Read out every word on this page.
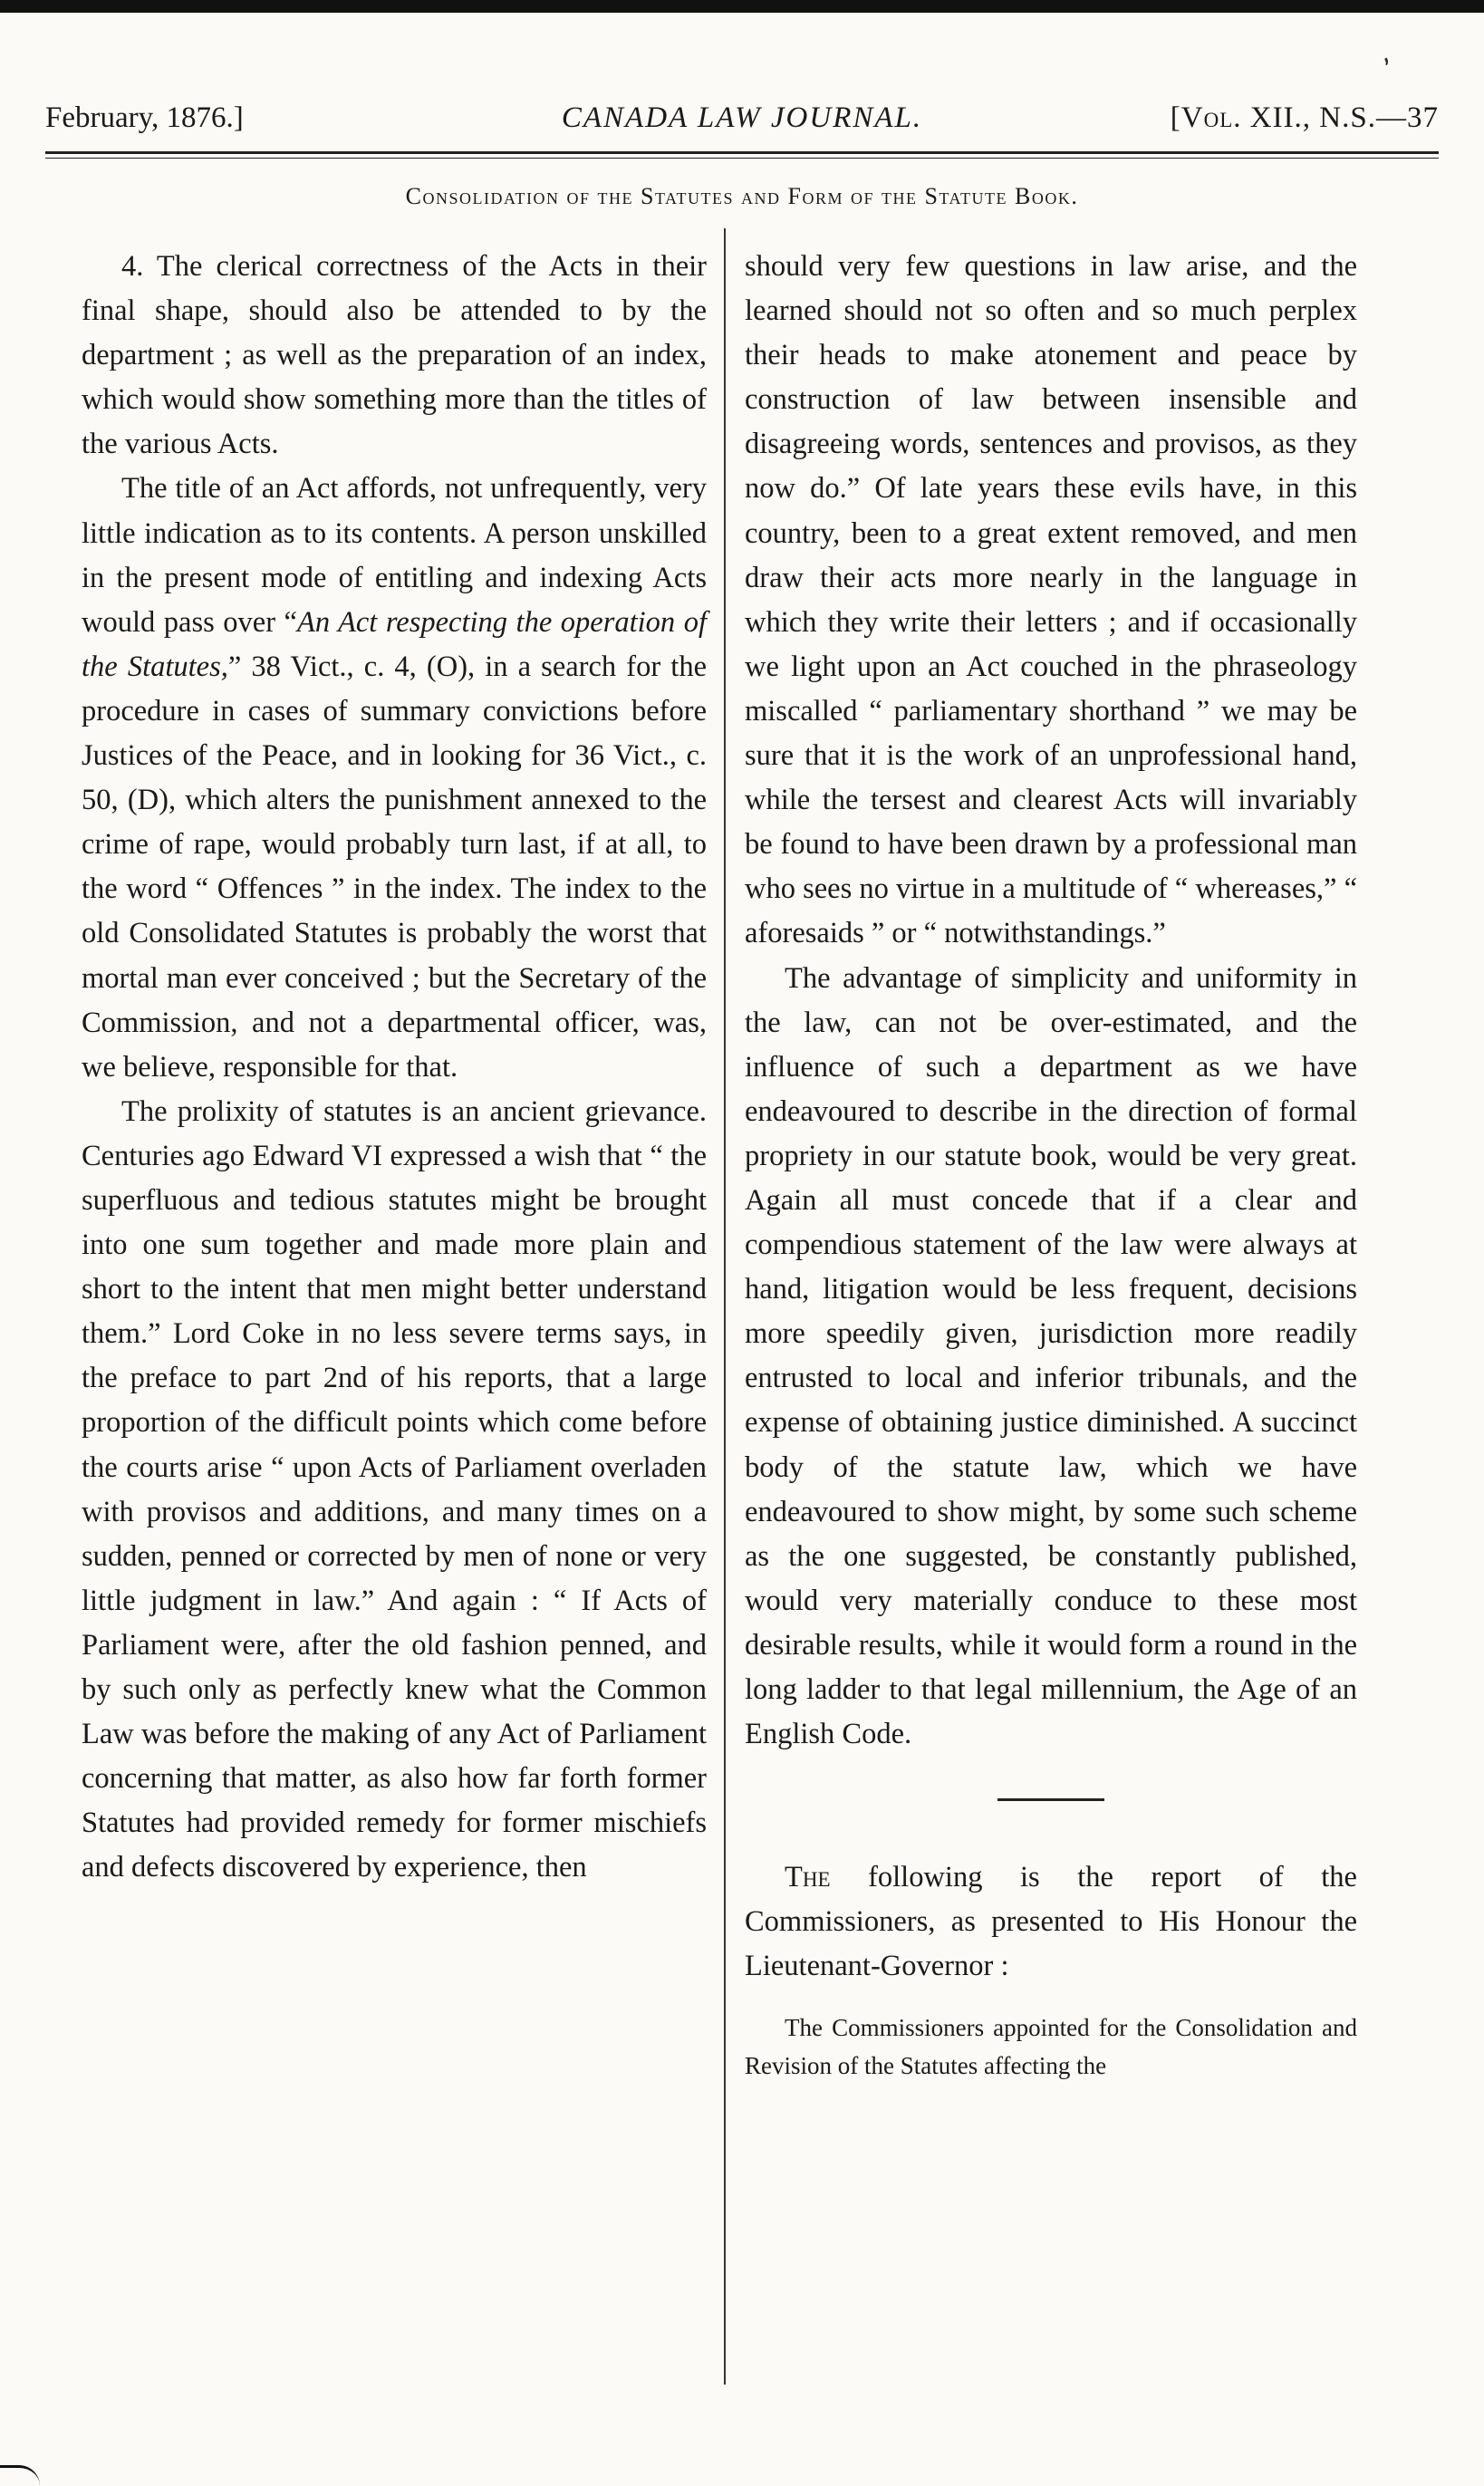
’
February, 1876.]	CANADA LAW JOURNAL.	[Vol. XII., N.S.—37
Consolidation of the Statutes and Form of the Statute Book.

4. The clerical correctness of the Acts in their final shape, should also be attended to by the department ; as well as the preparation of an index, which would show something more than the titles of the various Acts.

The title of an Act affords, not unfrequently, very little indication as to its contents. A person unskilled in the present mode of entitling and indexing Acts would pass over “An Act respecting the operation of the Statutes,” 38 Vict., c. 4, (O), in a search for the procedure in cases of summary convictions before Justices of the Peace, and in looking for 36 Vict., c. 50, (D), which alters the punishment annexed to the crime of rape, would probably turn last, if at all, to the word “ Offences ” in the index. The index to the old Consolidated Statutes is probably the worst that mortal man ever conceived ; but the Secretary of the Commission, and not a departmental officer, was, we believe, responsible for that.

The prolixity of statutes is an ancient grievance. Centuries ago Edward VI expressed a wish that “ the superfluous and tedious statutes might be brought into one sum together and made more plain and short to the intent that men might better understand them.” Lord Coke in no less severe terms says, in the preface to part 2nd of his reports, that a large proportion of the difficult points which come before the courts arise “ upon Acts of Parliament overladen with provisos and additions, and many times on a sudden, penned or corrected by men of none or very little judgment in law.” And again : “ If Acts of Parliament were, after the old fashion penned, and by such only as perfectly knew what the Common Law was before the making of any Act of Parliament concerning that matter, as also how far forth former Statutes had provided remedy for former mischiefs and defects discovered by experience, then

should very few questions in law arise, and the learned should not so often and so much perplex their heads to make atonement and peace by construction of law between insensible and disagreeing words, sentences and provisos, as they now do.” Of late years these evils have, in this country, been to a great extent removed, and men draw their acts more nearly in the language in which they write their letters ; and if occasionally we light upon an Act couched in the phraseology miscalled “ parliamentary shorthand ” we may be sure that it is the work of an unprofessional hand, while the tersest and clearest Acts will invariably be found to have been drawn by a professional man who sees no virtue in a multitude of “ whereases,” “ aforesaids ” or “ notwithstandings.”

The advantage of simplicity and uniformity in the law, can not be over-estimated, and the influence of such a department as we have endeavoured to describe in the direction of formal propriety in our statute book, would be very great. Again all must concede that if a clear and compendious statement of the law were always at hand, litigation would be less frequent, decisions more speedily given, jurisdiction more readily entrusted to local and inferior tribunals, and the expense of obtaining justice diminished. A succinct body of the statute law, which we have endeavoured to show might, by some such scheme as the one suggested, be constantly published, would very materially conduce to these most desirable results, while it would form a round in the long ladder to that legal millennium, the Age of an English Code.

The following is the report of the Commissioners, as presented to His Honour the Lieutenant-Governor :

The Commissioners appointed for the Consolidation and Revision of the Statutes affecting the
